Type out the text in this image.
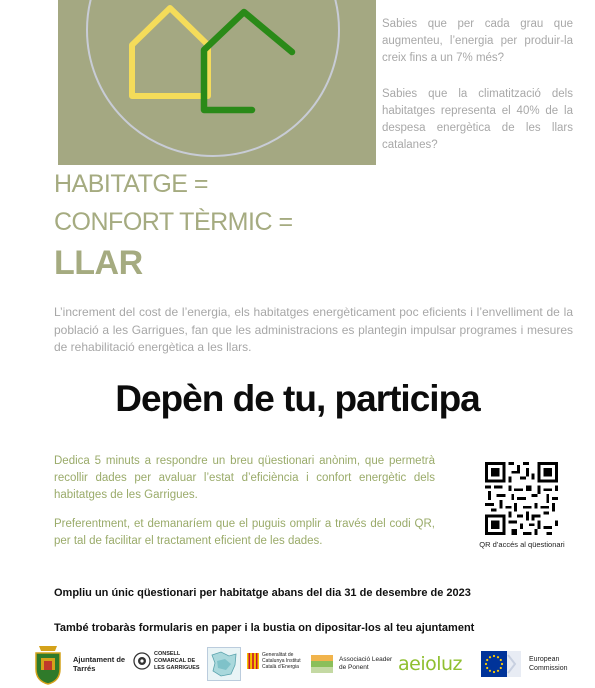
Sabies que per cada grau que augmenteu, l’energia per produir-la creix fins a un 7% més?

Sabies que la climatització dels habitatges representa el 40% de la despesa energètica de les llars catalanes?

HABITATGE =
CONFORT TÈRMIC =
LLAR

L’increment del cost de l’energia, els habitatges energèticament poc eficients i l’envelliment de la població a les Garrigues, fan que les administracions es plantegin impulsar programes i mesures de rehabilitació energètica a les llars.

Depèn de tu, participa

Dedica 5 minuts a respondre un breu qüestionari anònim, que permetrà recollir dades per avaluar l’estat d’eficiència i confort energètic dels habitatges de les Garrigues.

Preferentment, et demanaríem que el puguis omplir a través del codi QR, per tal de facilitar el tractament eficient de les dades.	QR d’accés al qüestionari
Ompliu un únic qüestionari per habitatge abans del dia 31 de desembre de 2023
També trobaràs formularis en paper i la bustia on dipositar-los al teu ajuntament
Ajuntament de Tarrés
CONSELL COMARCAL DE LES GARRIGUES
Generalitat de Catalunya Institut Català d’Energia
Associació Leader de Ponent	aeioluz	European Commission
